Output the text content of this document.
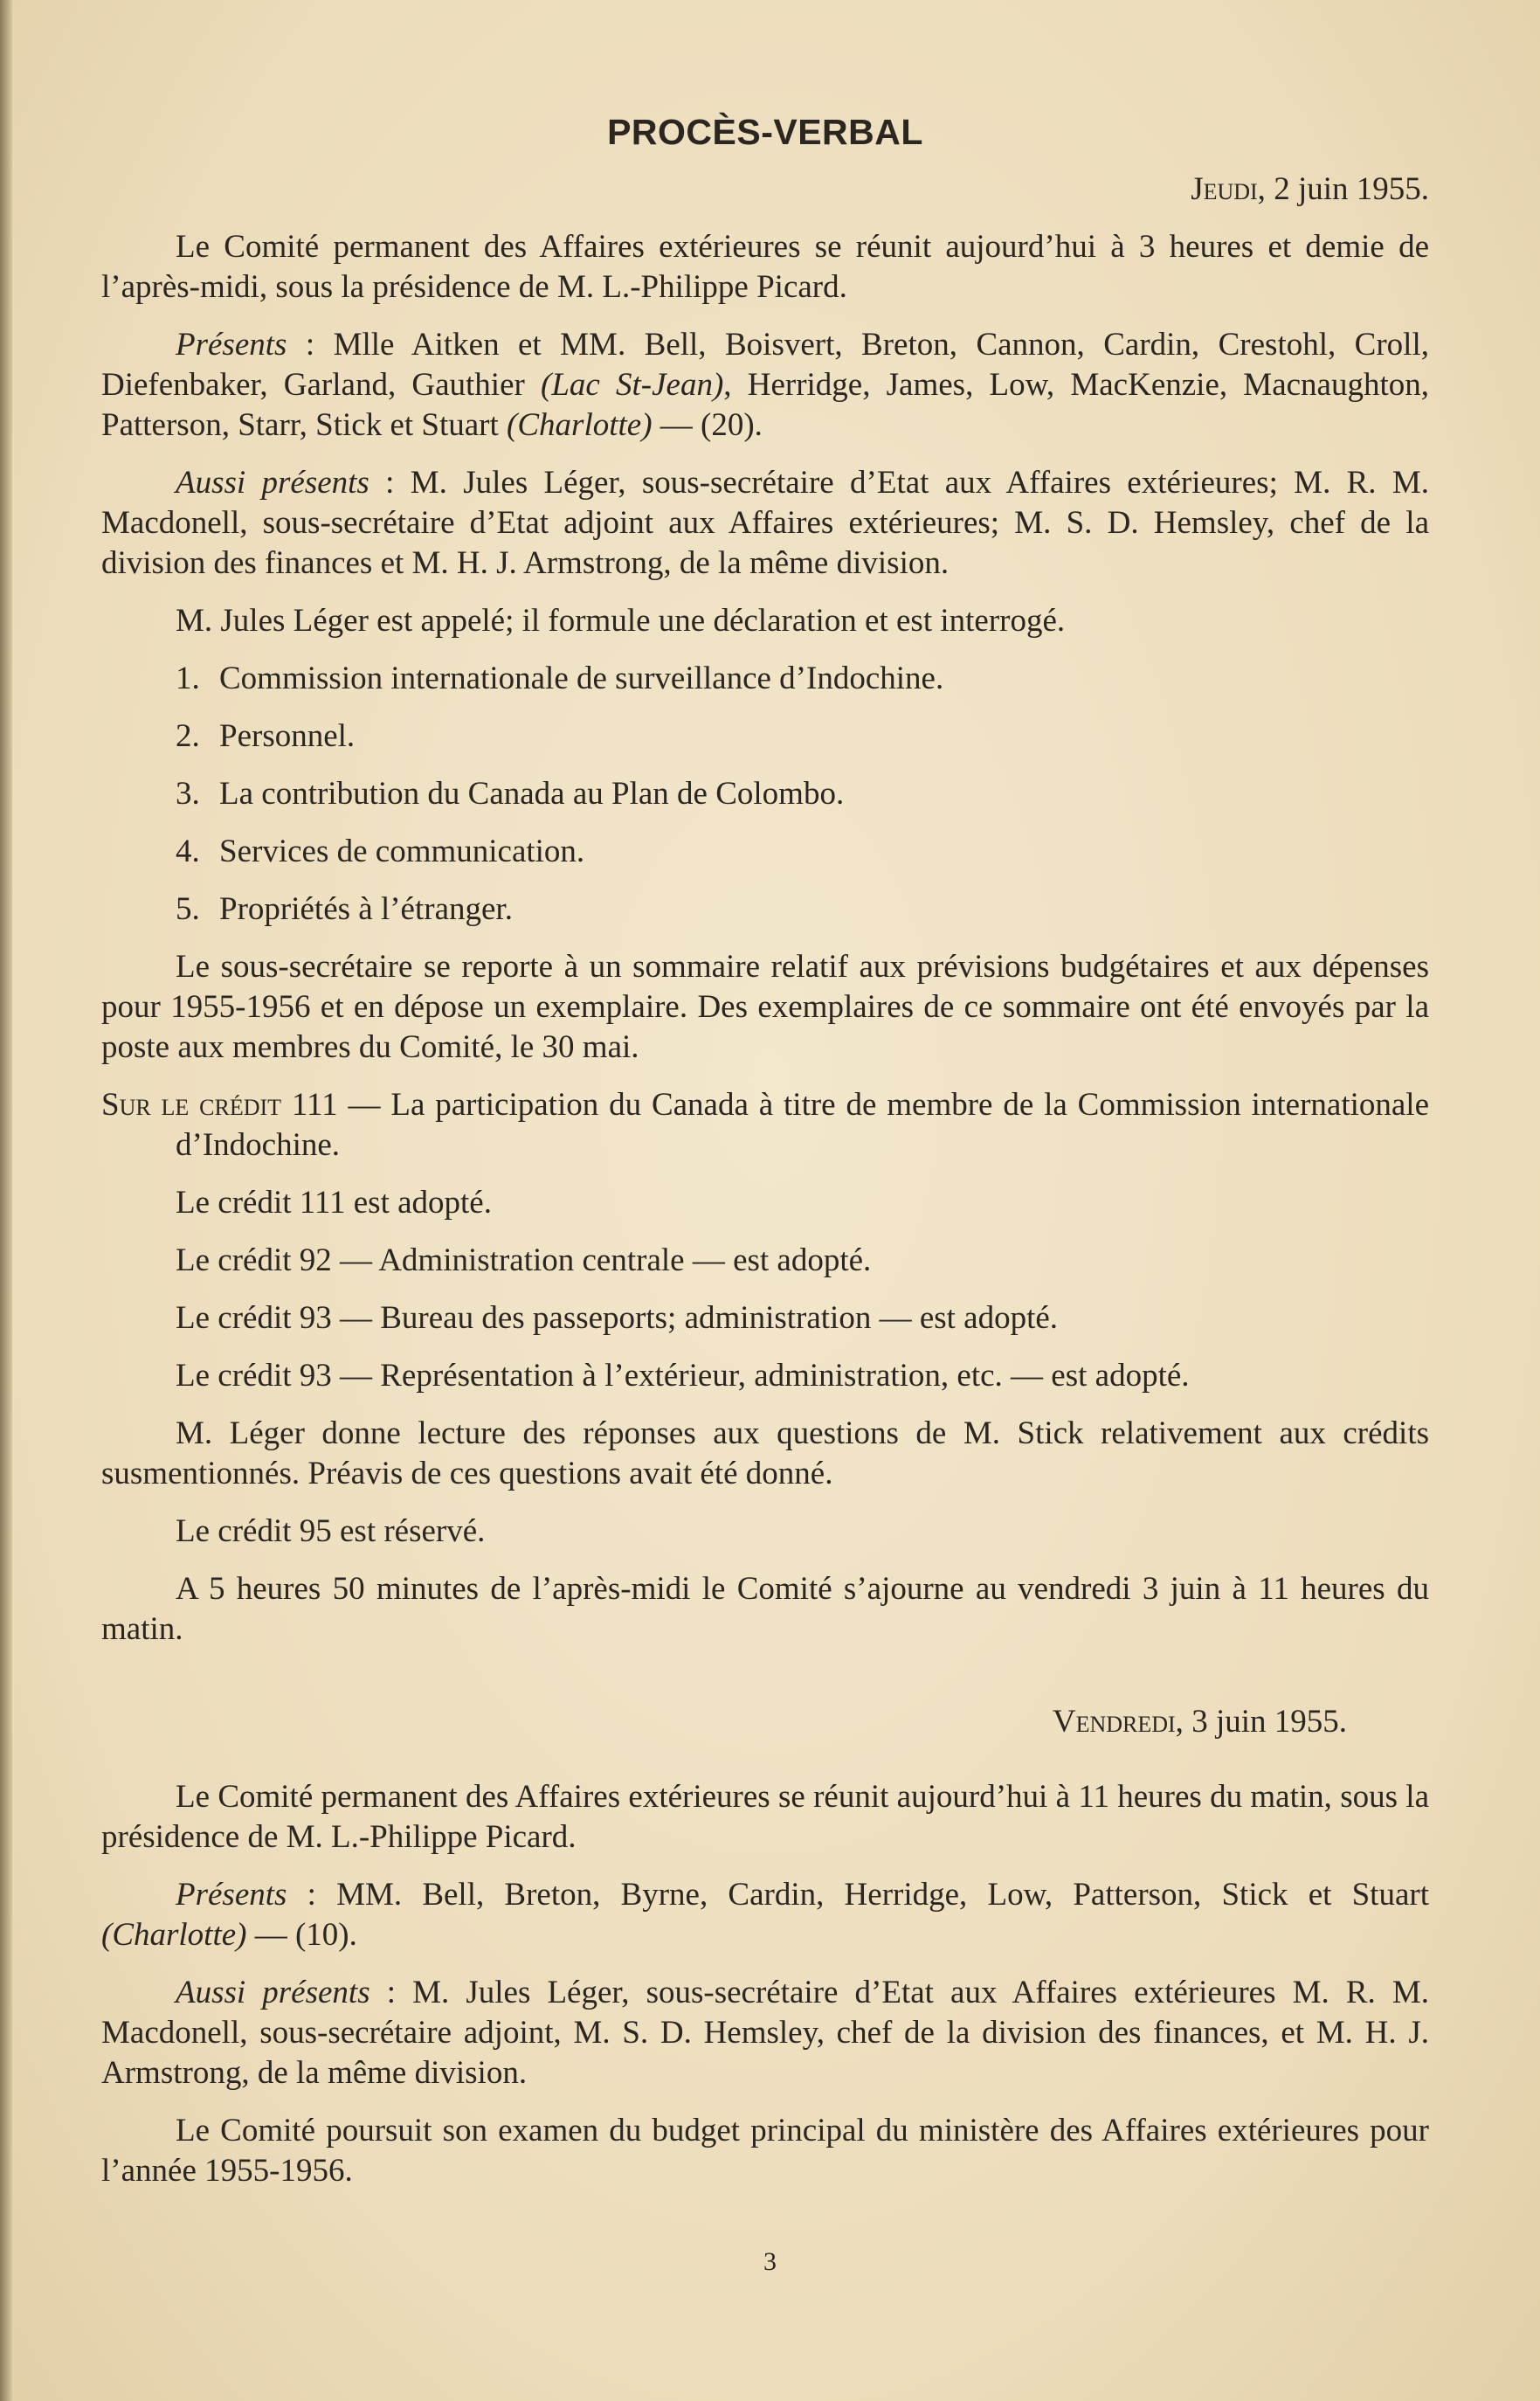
PROCÈS-VERBAL
Jeudi, 2 juin 1955.

Le Comité permanent des Affaires extérieures se réunit aujourd’hui à 3 heures et demie de l’après-midi, sous la présidence de M. L.-Philippe Picard.

Présents : Mlle Aitken et MM. Bell, Boisvert, Breton, Cannon, Cardin, Crestohl, Croll, Diefenbaker, Garland, Gauthier (Lac St-Jean), Herridge, James, Low, MacKenzie, Macnaughton, Patterson, Starr, Stick et Stuart (Charlotte) — (20).

Aussi présents : M. Jules Léger, sous-secrétaire d’Etat aux Affaires extérieures; M. R. M. Macdonell, sous-secrétaire d’Etat adjoint aux Affaires extérieures; M. S. D. Hemsley, chef de la division des finances et M. H. J. Armstrong, de la même division.

M. Jules Léger est appelé; il formule une déclaration et est interrogé.

1. Commission internationale de surveillance d’Indochine.
2. Personnel.
3. La contribution du Canada au Plan de Colombo.
4. Services de communication.
5. Propriétés à l’étranger.

Le sous-secrétaire se reporte à un sommaire relatif aux prévisions budgétaires et aux dépenses pour 1955-1956 et en dépose un exemplaire. Des exemplaires de ce sommaire ont été envoyés par la poste aux membres du Comité, le 30 mai.

Sur le crédit 111 — La participation du Canada à titre de membre de la Commission internationale d’Indochine.

Le crédit 111 est adopté.

Le crédit 92 — Administration centrale — est adopté.

Le crédit 93 — Bureau des passeports; administration — est adopté.

Le crédit 93 — Représentation à l’extérieur, administration, etc. — est adopté.

M. Léger donne lecture des réponses aux questions de M. Stick relativement aux crédits susmentionnés. Préavis de ces questions avait été donné.

Le crédit 95 est réservé.

A 5 heures 50 minutes de l’après-midi le Comité s’ajourne au vendredi 3 juin à 11 heures du matin.

Vendredi, 3 juin 1955.

Le Comité permanent des Affaires extérieures se réunit aujourd’hui à 11 heures du matin, sous la présidence de M. L.-Philippe Picard.

Présents : MM. Bell, Breton, Byrne, Cardin, Herridge, Low, Patterson, Stick et Stuart (Charlotte) — (10).

Aussi présents : M. Jules Léger, sous-secrétaire d’Etat aux Affaires extérieures M. R. M. Macdonell, sous-secrétaire adjoint, M. S. D. Hemsley, chef de la division des finances, et M. H. J. Armstrong, de la même division.

Le Comité poursuit son examen du budget principal du ministère des Affaires extérieures pour l’année 1955-1956.

3
